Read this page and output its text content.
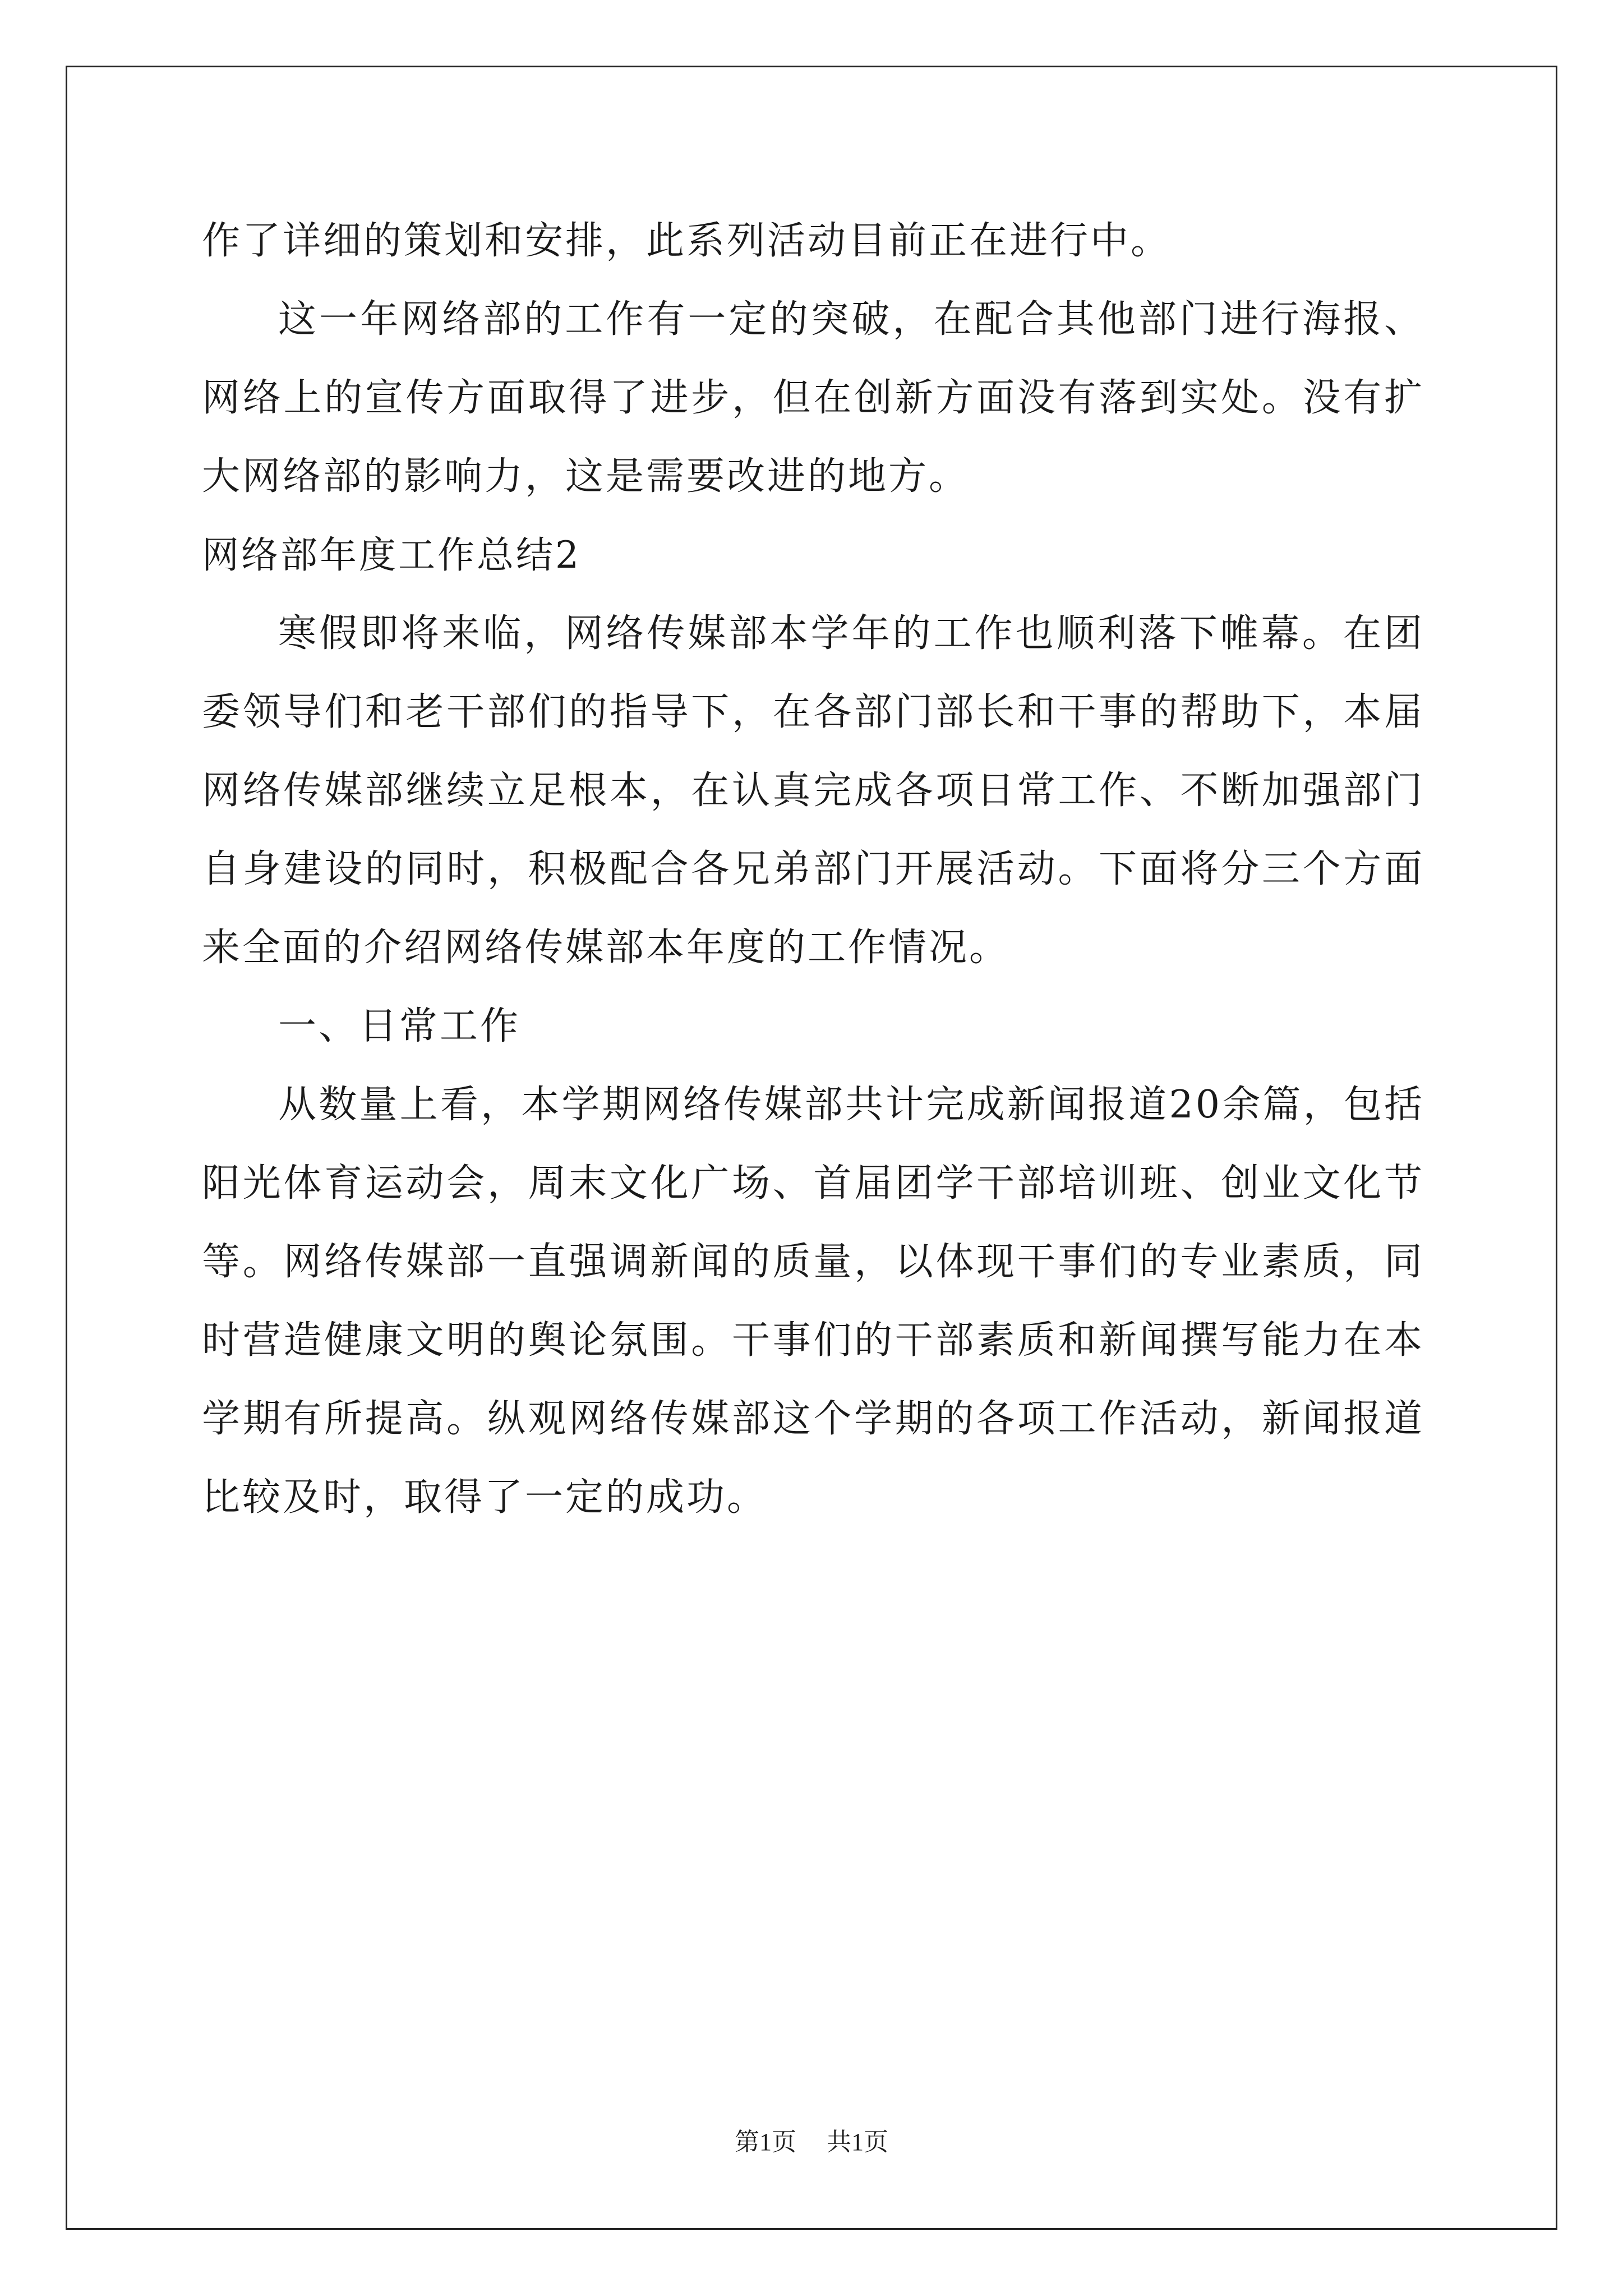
作了详细的策划和安排，此系列活动目前正在进行中。

这一年网络部的工作有一定的突破，在配合其他部门进行海报、网络上的宣传方面取得了进步，但在创新方面没有落到实处。没有扩大网络部的影响力，这是需要改进的地方。

网络部年度工作总结2

寒假即将来临，网络传媒部本学年的工作也顺利落下帷幕。在团委领导们和老干部们的指导下，在各部门部长和干事的帮助下，本届网络传媒部继续立足根本，在认真完成各项日常工作、不断加强部门自身建设的同时，积极配合各兄弟部门开展活动。下面将分三个方面来全面的介绍网络传媒部本年度的工作情况。

一、日常工作

从数量上看，本学期网络传媒部共计完成新闻报道20余篇，包括阳光体育运动会，周末文化广场、首届团学干部培训班、创业文化节等。网络传媒部一直强调新闻的质量，以体现干事们的专业素质，同时营造健康文明的舆论氛围。干事们的干部素质和新闻撰写能力在本学期有所提高。纵观网络传媒部这个学期的各项工作活动，新闻报道比较及时，取得了一定的成功。

第1页 共1页
